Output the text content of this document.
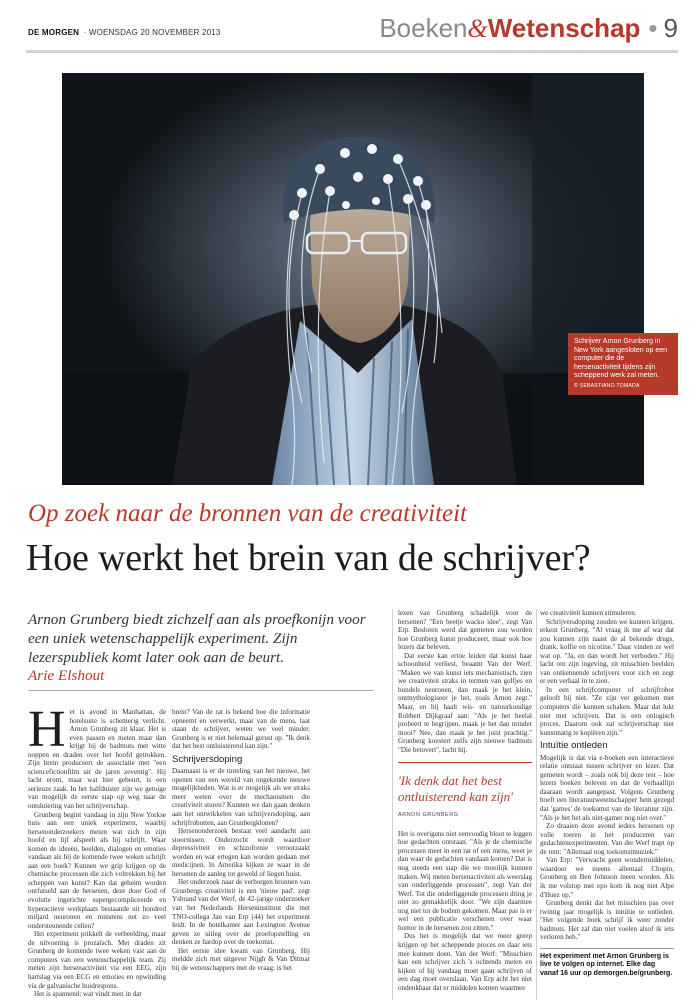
DE MORGEN · WOENSDAG 20 NOVEMBER 2013	Boeken&Wetenschap • 9
Schrijver Arnon Grunberg in New York aangesloten op een computer die de hersenactiviteit tijdens zijn scheppend werk zal meten.
© SEBASTIANO TOMADA
Op zoek naar de bronnen van de creativiteit
Hoe werkt het brein van de schrijver?
Arnon Grunberg biedt zichzelf aan als proefkonijn voor een uniek wetenschappelijk experiment. Zijn lezerspubliek komt later ook aan de beurt.
Arie Elshout

Het is avond in Manhattan, de hotelsuite is schemerig verlicht. Arnon Grunberg zit klaar. Het is even passen en meten maar dan krijgt hij de badmuts met witte noppen en draden over het hoofd getrokken. Zijn brein produceert de associatie met "een sciencefictionfilm uit de jaren zeventig". Hij lacht erom, maar wat hier gebeurt, is een serieuze zaak. In het halfduister zijn we getuige van mogelijk de eerste stap op weg naar de ontsluiering van het schrijverschap.

Grunberg begint vandaag in zijn New Yorkse huis aan een uniek experiment, waarbij hersenonderzoekers meten wat zich in zijn hoofd en lijf afspeelt als hij schrijft. Waar komen de ideeën, beelden, dialogen en emoties vandaan als hij de komende twee weken schrijft aan een boek? Kunnen we grip krijgen op de chemische processen die zich voltrekken bij het scheppen van kunst? Kan dat geheim worden ontfutseld aan de hersenen, deze door God of evolutie ingerichte supergecompliceerde en hyperactieve werkplaats bestaande uit honderd miljard neuronen en minstens net zo veel ondersteunende cellen?

Het experiment prikkelt de verbeelding, maar de uitvoering is prozaïsch. Met draden zit Grunberg de komende twee weken vast aan de computers van een wetenschappelijk team. Zij meten zijn hersenactiviteit via een EEG, zijn hartslag via een ECG en emoties en opwinding via de galvanische huidrespons.

Het is spannend: wat vindt men in dat

brein? Van de rat is bekend hoe die informatie opneemt en verwerkt, maar van de mens, laat staan de schrijver, weten we veel minder. Grunberg is er niet helemaal gerust op. "Ik denk dat het best ontluisterend kan zijn."

Schrijversdoping

Daarnaast is er de tinteling van het nieuwe, het openen van een wereld van ongekende nieuwe mogelijkheden. Wat is er mogelijk als we straks meer weten over de mechanismen die creativiteit sturen? Kunnen we dan gaan denken aan het ontwikkelen van schrijversdoping, aan schrijfrobotten, aan Grunbergklonen?

Hersenonderzoek bestaat veel aandacht aan stoornissen. Onderzocht wordt waardoor depressiviteit en schizofrenie veroorzaakt worden en wat ertegen kan worden gedaan met medicijnen. In Amerika kijken ze waar in de hersenen de aanleg tot geweld of liegen huist.

Het onderzoek naar de verborgen bronnen van Grunbergs creativiteit is een 'nieuw pad', zegt Ysbrand van der Werf, de 42-jarige onderzoeker van het Nederlands Herseninstituut die met TNO-collega Jan van Erp (44) het experiment leidt. In de hotelkamer aan Lexington Avenue geven ze uitleg over de proefopstelling en denken ze hardop over de toekomst.

Het eerste idee kwam van Grunberg. Hij meldde zich met uitgever Nijgh & Van Ditmar bij de wetenschappers met de vraag: is het

lezen van Grunberg schadelijk voor de hersenen? "Een beetje wacko idee", zegt Van Erp. Besloten werd dat gemeten zou worden hoe Grunberg kunst produceert, maar ook hoe lezers dat beleven.

Dat eerste kan ertoe leiden dat kunst haar schoonheid verliest, beaamt Van der Werf. "Maken we van kunst iets mechanistisch, zien we creativiteit straks in termen van golfjes en bundels neuronen, dan maak je het klein, ontmythologiseer je het, zoals Arnon zegt." Maar, en hij haalt wis- en natuurkundige Robbert Dijkgraaf aan: "Als je het heelal probeert te begrijpen, maak je het dan minder mooi? Nee, dan maak je het juist prachtig." Grunberg koestert zelfs zijn nieuwe badmuts "Die betovert", lacht hij.

'Ik denk dat het best ontluisterend kan zijn'
ARNON GRUNBERG

Het is overigens niet eenvoudig bloot te leggen hoe gedachten ontstaan. "Als je de chemische processen meet in een rat of een mens, weet je dan waar de gedachten vandaan komen? Dat is nog steeds een stap die we moeilijk kunnen maken. Wij meten hersenactiviteit als weerslag van onderliggende processen", zegt Van der Werf. Tot die onderliggende processen dring je niet zo gemakkelijk door. "We zijn daarmee nog niet tot de bodem gekomen. Maar pas is er wel een publicatie verschenen over waar humor in de hersenen zou zitten."

Dus het is mogelijk dat we meer greep krijgen op het scheppende proces en daar iets mee kunnen doen. Van der Werf: "Misschien kan een schrijver zich 's ochtends meten en kijken of hij vandaag moet gaan schrijven of een dag moet overslaan. Van Erp acht het niet ondenkbaar dat er middelen komen waarmee

we creativiteit kunnen stimuleren.

Schrijversdoping zouden we kunnen krijgen, erkent Grunberg. "Al vraag ik me af wat dat zou kunnen zijn naast de al bekende drugs, drank, koffie en nicotine." Daar vinden ze wel wat op. "Ja, en dan wordt het verboden." Hij lacht om zijn ingeving, zit misschien beelden van ontkennende schrijvers voor zich en zegt er een verhaal in te zien.

In een schrijfcomputer of schrijfrobot gelooft hij niet. "Ze zijn ver gekomen met computers die kunnen schaken. Maar dat lukt niet met schrijven. Dat is een onlogisch proces. Daarom ook zal schrijverschap niet kunstmatig te kopiëren zijn."

Intuïtie ontleden

Mogelijk is dat via e-boeken een interactieve relatie ontstaat tussen schrijver en lezer. Dat gemeten wordt – zoals ook bij deze test – hoe lezers boeken beleven en dat de verhaallijn daaraan wordt aangepast. Volgens Grunberg hoeft een literatuurwetenschapper hem gezegd dat 'games' de toekomst van de literatuur zijn. "Als je het het als niet-gamer nog niet over."

Zo draaien deze avond ieders hersenen op volle toeren in het produceren van gedachtenexperimenten. Van der Werf trapt op de rem: "Allemaal nog toekomstmuziek."

Van Erp: "Verwacht geen wondermiddelen, waardoor we ineens allemaal Chopin, Grunberg en Ben Johnson ineen worden. Als ik me volstop met epo kom ik nog niet Alpe d'Huez op."

Grunberg denkt dat het misschien pas over twintig jaar mogelijk is intuïtie te ontleden. "Het volgende boek schrijf ik weer zonder badmuts. Het zal dan niet voelen alsof ik iets verloren heb."

Het experiment met Arnon Grunberg is live te volgen op internet. Elke dag vanaf 16 uur op demorgen.be/grunberg.
